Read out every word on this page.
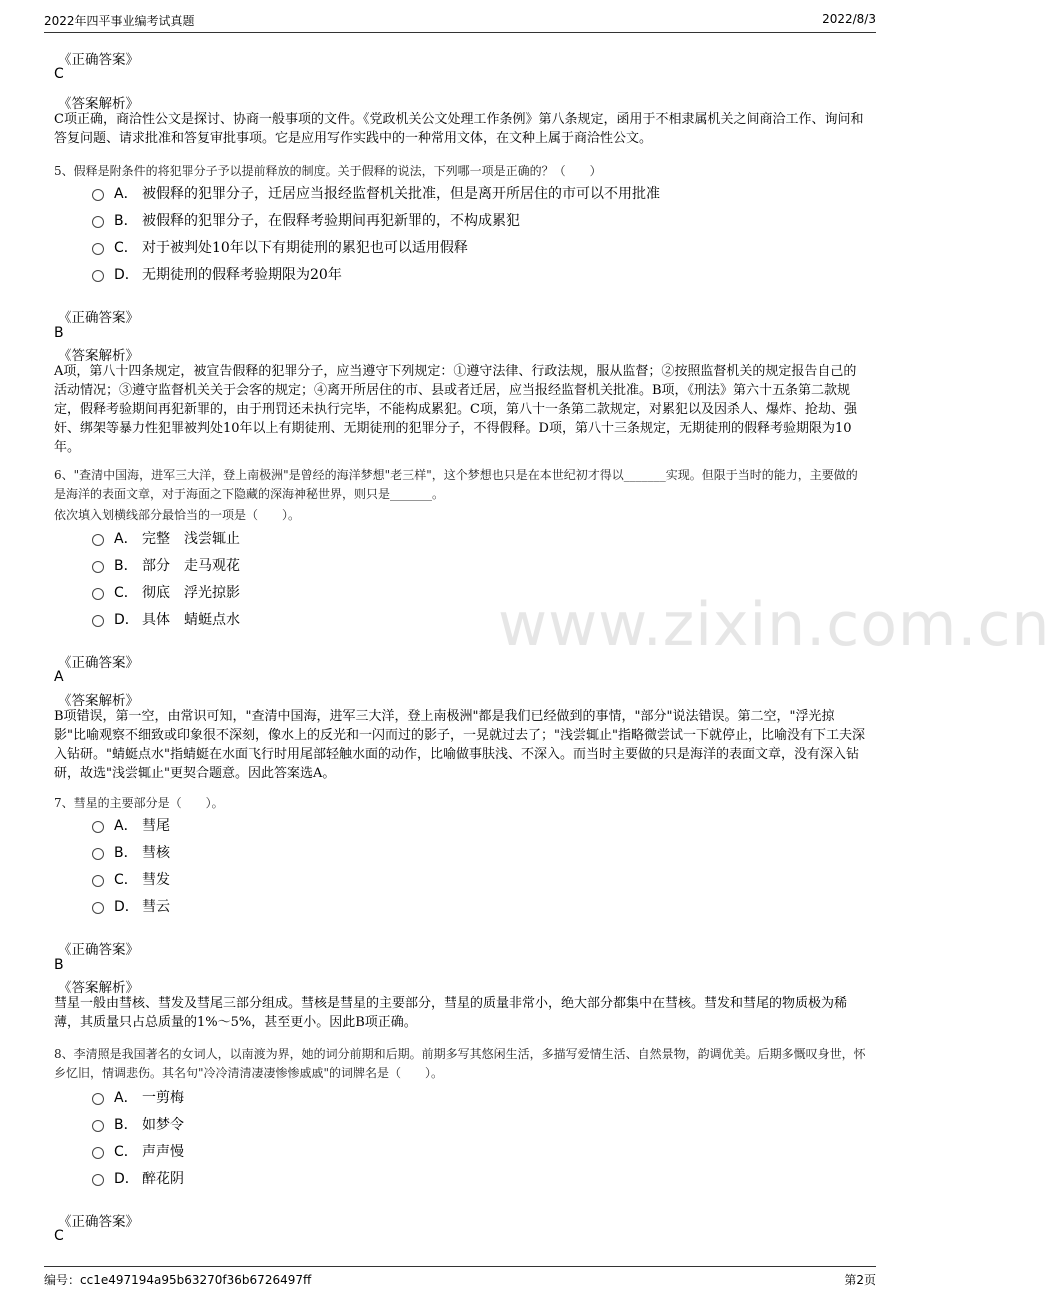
2022年四平事业编考试真题	2022/8/3
www.zixin.com.cn
《正确答案》
C
《答案解析》
C项正确，商洽性公文是探讨、协商一般事项的文件。《党政机关公文处理工作条例》第八条规定，函用于不相隶属机关之间商洽工作、询问和答复问题、请求批准和答复审批事项。它是应用写作实践中的一种常用文体，在文种上属于商洽性公文。
5、假释是附条件的将犯罪分子予以提前释放的制度。关于假释的说法，下列哪一项是正确的？（　　）
A． 被假释的犯罪分子，迁居应当报经监督机关批准，但是离开所居住的市可以不用批准
B． 被假释的犯罪分子，在假释考验期间再犯新罪的，不构成累犯
C． 对于被判处10年以下有期徒刑的累犯也可以适用假释
D． 无期徒刑的假释考验期限为20年
《正确答案》
B
《答案解析》
A项，第八十四条规定，被宣告假释的犯罪分子，应当遵守下列规定：①遵守法律、行政法规，服从监督；②按照监督机关的规定报告自己的活动情况；③遵守监督机关关于会客的规定；④离开所居住的市、县或者迁居，应当报经监督机关批准。B项，《刑法》第六十五条第二款规定，假释考验期间再犯新罪的，由于刑罚还未执行完毕，不能构成累犯。C项，第八十一条第二款规定，对累犯以及因杀人、爆炸、抢劫、强奸、绑架等暴力性犯罪被判处10年以上有期徒刑、无期徒刑的犯罪分子，不得假释。D项，第八十三条规定，无期徒刑的假释考验期限为10年。
6、"查清中国海，进军三大洋，登上南极洲"是曾经的海洋梦想"老三样"，这个梦想也只是在本世纪初才得以_______实现。但限于当时的能力，主要做的是海洋的表面文章，对于海面之下隐藏的深海神秘世界，则只是_______。
依次填入划横线部分最恰当的一项是（　　）。
A． 完整　浅尝辄止
B． 部分　走马观花
C． 彻底　浮光掠影
D． 具体　蜻蜓点水
《正确答案》
A
《答案解析》
B项错误，第一空，由常识可知，"查清中国海，进军三大洋，登上南极洲"都是我们已经做到的事情，"部分"说法错误。第二空，"浮光掠影"比喻观察不细致或印象很不深刻，像水上的反光和一闪而过的影子，一晃就过去了；"浅尝辄止"指略微尝试一下就停止，比喻没有下工夫深入钻研。"蜻蜓点水"指蜻蜓在水面飞行时用尾部轻触水面的动作，比喻做事肤浅、不深入。而当时主要做的只是海洋的表面文章，没有深入钻研，故选"浅尝辄止"更契合题意。因此答案选A。
7、彗星的主要部分是（　　）。
A． 彗尾
B． 彗核
C． 彗发
D． 彗云
《正确答案》
B
《答案解析》
彗星一般由彗核、彗发及彗尾三部分组成。彗核是彗星的主要部分，彗星的质量非常小，绝大部分都集中在彗核。彗发和彗尾的物质极为稀薄，其质量只占总质量的1%～5%，甚至更小。因此B项正确。
8、李清照是我国著名的女词人，以南渡为界，她的词分前期和后期。前期多写其悠闲生活，多描写爱情生活、自然景物，韵调优美。后期多慨叹身世，怀乡忆旧，情调悲伤。其名句"冷冷清清凄凄惨惨戚戚"的词牌名是（　　）。
A． 一剪梅
B． 如梦令
C． 声声慢
D． 醉花阴
《正确答案》
C
编号：cc1e497194a95b63270f36b6726497ff	第2页
